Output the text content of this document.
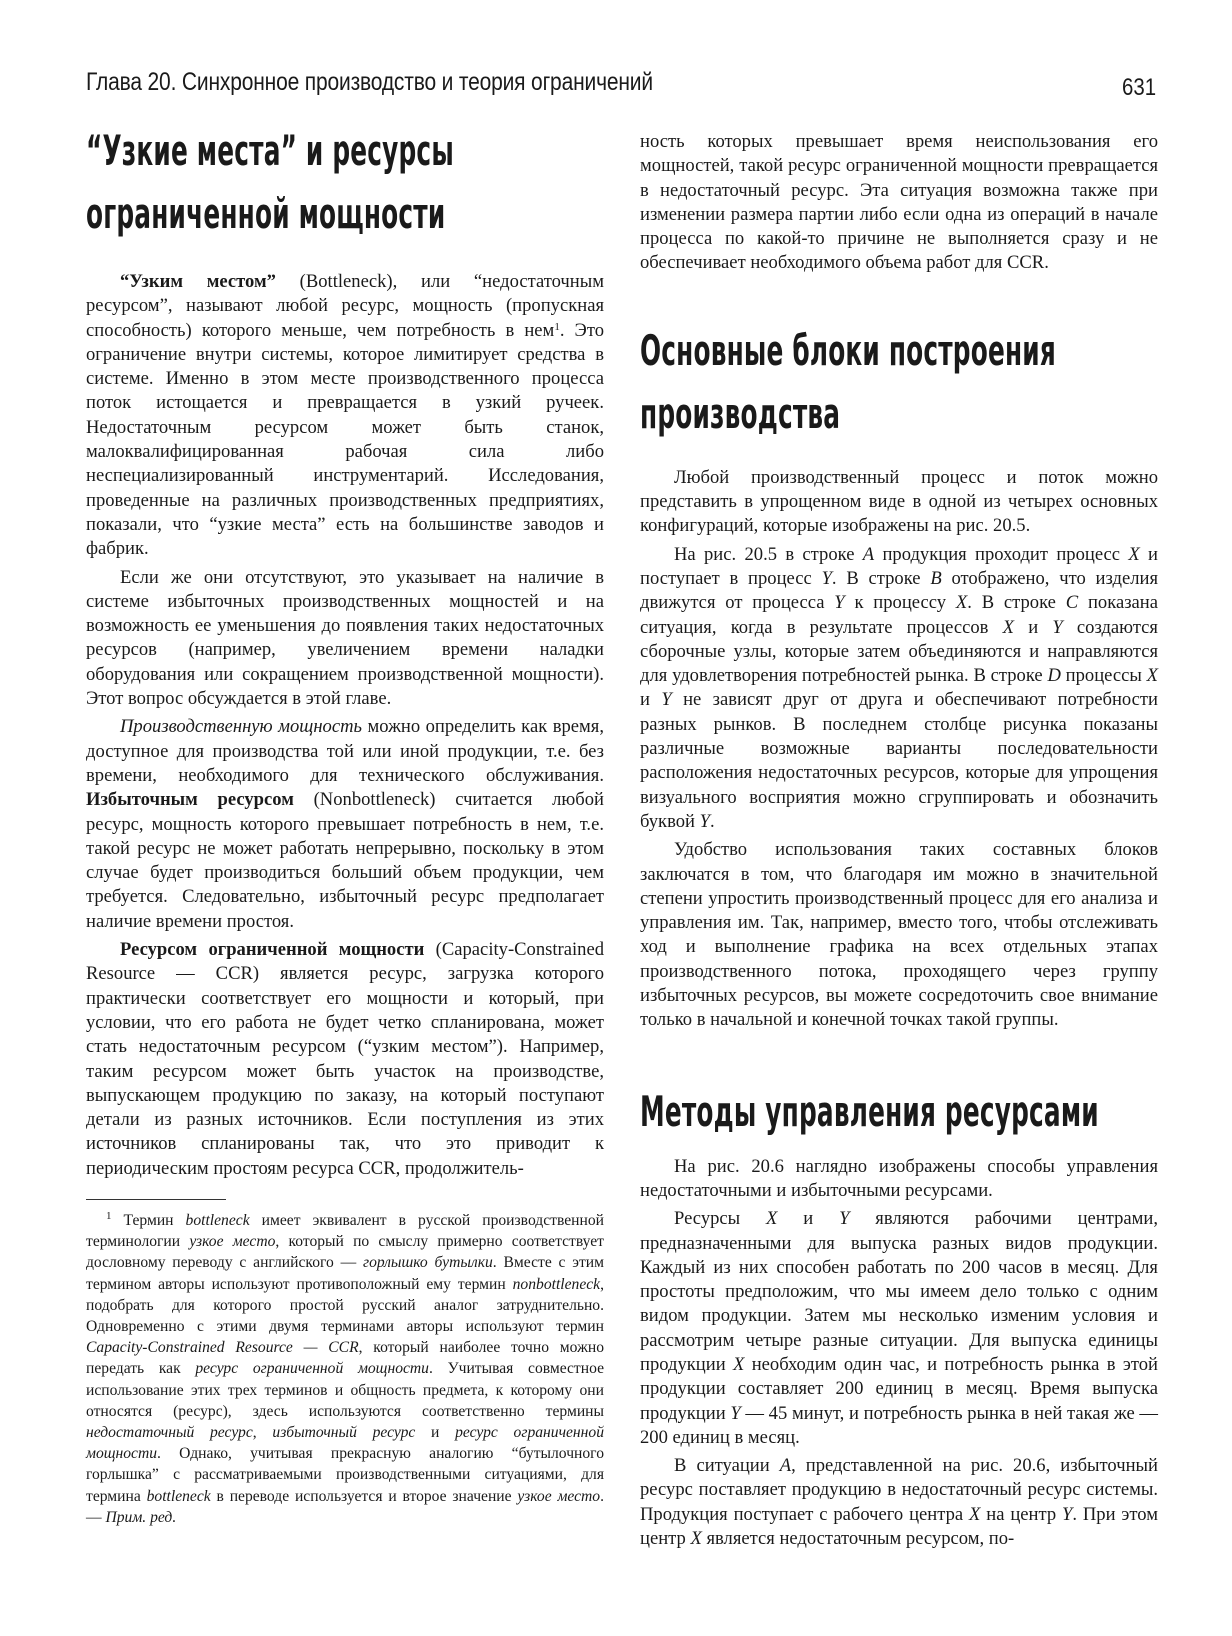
Глава 20. Синхронное производство и теория ограничений	631
“Узкие места” и ресурсы ограниченной мощности

“Узким местом” (Bottleneck), или “недостаточным ресурсом”, называют любой ресурс, мощность (пропускная способность) которого меньше, чем потребность в нем$^1$. Это ограничение внутри системы, которое лимитирует средства в системе. Именно в этом месте производственного процесса поток истощается и превращается в узкий ручеек. Недостаточным ресурсом может быть станок, малоквалифицированная рабочая сила либо неспециализированный инструментарий. Исследования, проведенные на различных производственных предприятиях, показали, что “узкие места” есть на большинстве заводов и фабрик.

Если же они отсутствуют, это указывает на наличие в системе избыточных производственных мощностей и на возможность ее уменьшения до появления таких недостаточных ресурсов (например, увеличением времени наладки оборудования или сокращением производственной мощности). Этот вопрос обсуждается в этой главе.

Производственную мощность можно определить как время, доступное для производства той или иной продукции, т.е. без времени, необходимого для технического обслуживания. Избыточным ресурсом (Nonbottleneck) считается любой ресурс, мощность которого превышает потребность в нем, т.е. такой ресурс не может работать непрерывно, поскольку в этом случае будет производиться больший объем продукции, чем требуется. Следовательно, избыточный ресурс предполагает наличие времени простоя.

Ресурсом ограниченной мощности (Capacity-Constrained Resource — CCR) является ресурс, загрузка которого практически соответствует его мощности и который, при условии, что его работа не будет четко спланирована, может стать недостаточным ресурсом (“узким местом”). Например, таким ресурсом может быть участок на производстве, выпускающем продукцию по заказу, на который поступают детали из разных источников. Если поступления из этих источников спланированы так, что это приводит к периодическим простоям ресурса CCR, продолжитель-

$^1$ Термин bottleneck имеет эквивалент в русской производственной терминологии узкое место, который по смыслу примерно соответствует дословному переводу с английского — горлышко бутылки. Вместе с этим термином авторы используют противоположный ему термин nonbottleneck, подобрать для которого простой русский аналог затруднительно. Одновременно с этими двумя терминами авторы используют термин Capacity-Constrained Resource — CCR, который наиболее точно можно передать как ресурс ограниченной мощности. Учитывая совместное использование этих трех терминов и общность предмета, к которому они относятся (ресурс), здесь используются соответственно термины недостаточный ресурс, избыточный ресурс и ресурс ограниченной мощности. Однако, учитывая прекрасную аналогию “бутылочного горлышка” с рассматриваемыми производственными ситуациями, для термина bottleneck в переводе используется и второе значение узкое место. — Прим. ред.

ность которых превышает время неиспользования его мощностей, такой ресурс ограниченной мощности превращается в недостаточный ресурс. Эта ситуация возможна также при изменении размера партии либо если одна из операций в начале процесса по какой-то причине не выполняется сразу и не обеспечивает необходимого объема работ для CCR.

Основные блоки построения производства

Любой производственный процесс и поток можно представить в упрощенном виде в одной из четырех основных конфигураций, которые изображены на рис. 20.5.

На рис. 20.5 в строке A продукция проходит процесс X и поступает в процесс Y. В строке B отображено, что изделия движутся от процесса Y к процессу X. В строке C показана ситуация, когда в результате процессов X и Y создаются сборочные узлы, которые затем объединяются и направляются для удовлетворения потребностей рынка. В строке D процессы X и Y не зависят друг от друга и обеспечивают потребности разных рынков. В последнем столбце рисунка показаны различные возможные варианты последовательности расположения недостаточных ресурсов, которые для упрощения визуального восприятия можно сгруппировать и обозначить буквой Y.

Удобство использования таких составных блоков заключатся в том, что благодаря им можно в значительной степени упростить производственный процесс для его анализа и управления им. Так, например, вместо того, чтобы отслеживать ход и выполнение графика на всех отдельных этапах производственного потока, проходящего через группу избыточных ресурсов, вы можете сосредоточить свое внимание только в начальной и конечной точках такой группы.

Методы управления ресурсами

На рис. 20.6 наглядно изображены способы управления недостаточными и избыточными ресурсами.

Ресурсы X и Y являются рабочими центрами, предназначенными для выпуска разных видов продукции. Каждый из них способен работать по 200 часов в месяц. Для простоты предположим, что мы имеем дело только с одним видом продукции. Затем мы несколько изменим условия и рассмотрим четыре разные ситуации. Для выпуска единицы продукции X необходим один час, и потребность рынка в этой продукции составляет 200 единиц в месяц. Время выпуска продукции Y — 45 минут, и потребность рынка в ней такая же — 200 единиц в месяц.

В ситуации A, представленной на рис. 20.6, избыточный ресурс поставляет продукцию в недостаточный ресурс системы. Продукция поступает с рабочего центра X на центр Y. При этом центр X является недостаточным ресурсом, по-
